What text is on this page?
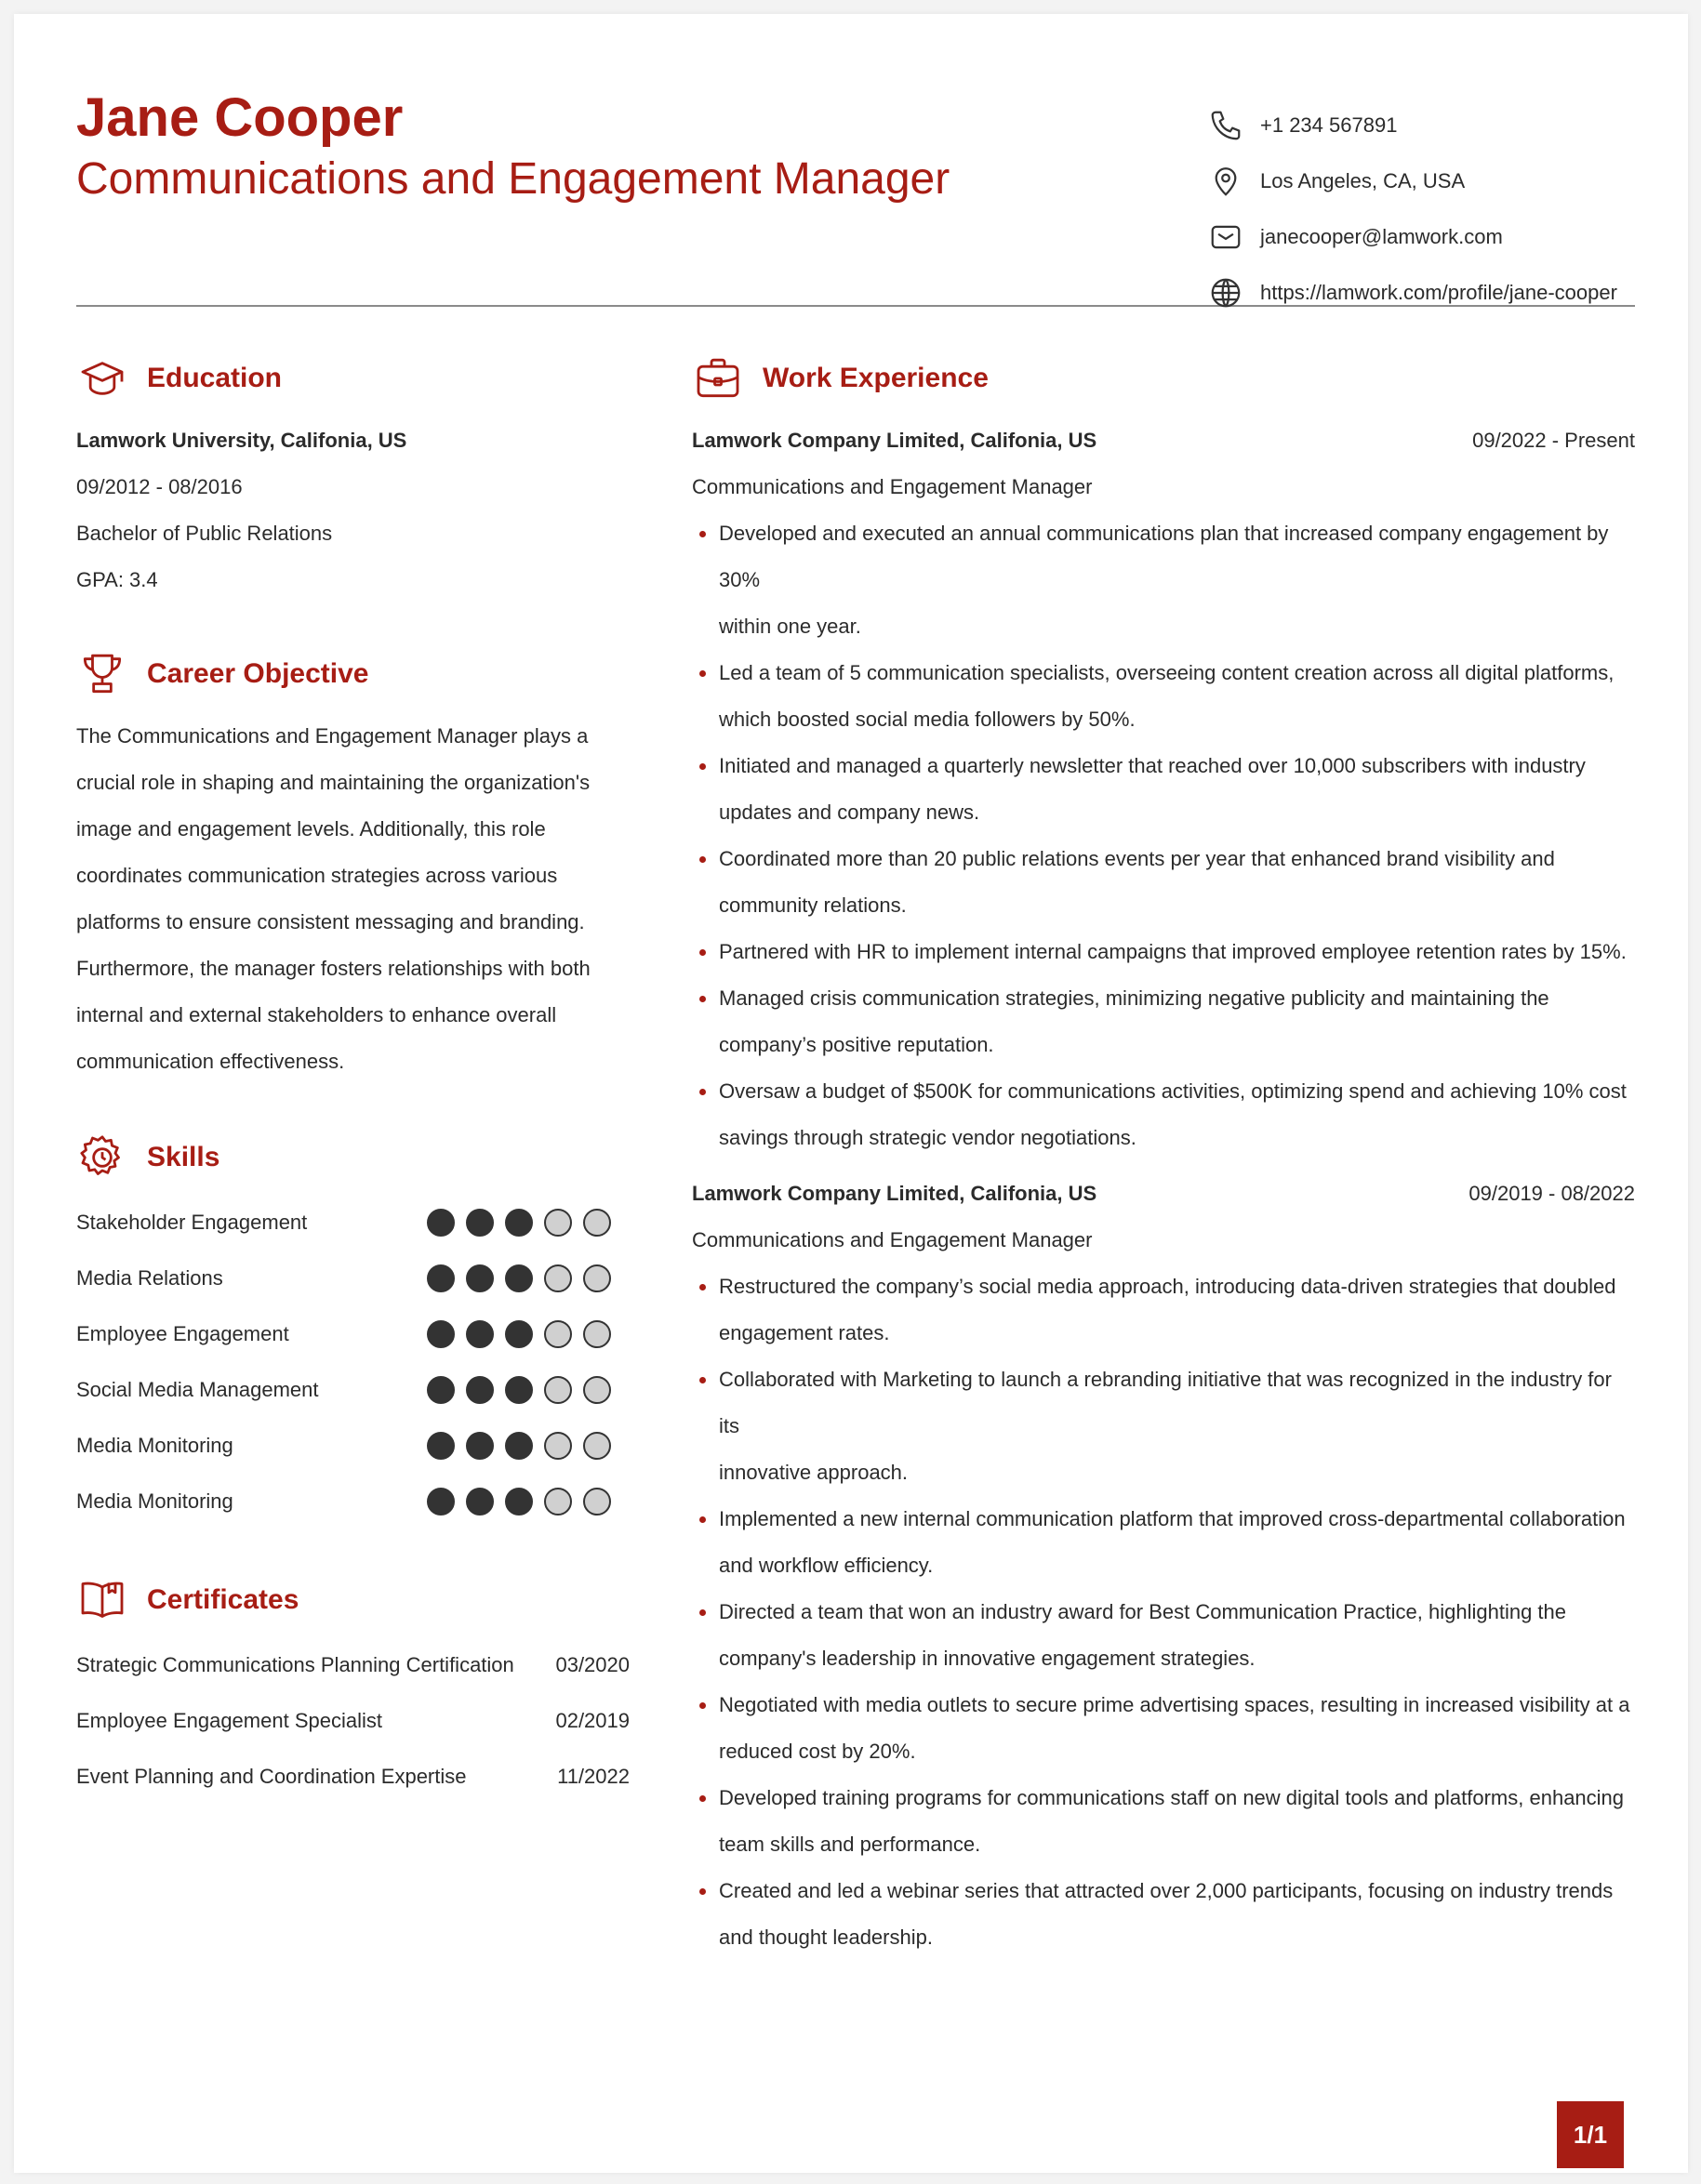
Jane Cooper
Communications and Engagement Manager
+1 234 567891
Los Angeles, CA, USA
janecooper@lamwork.com
https://lamwork.com/profile/jane-cooper
Education
Lamwork University, Califonia, US
09/2012 - 08/2016
Bachelor of Public Relations
GPA: 3.4
Career Objective
The Communications and Engagement Manager plays a
crucial role in shaping and maintaining the organization's
image and engagement levels. Additionally, this role
coordinates communication strategies across various
platforms to ensure consistent messaging and branding.
Furthermore, the manager fosters relationships with both
internal and external stakeholders to enhance overall
communication effectiveness.
Skills
Stakeholder Engagement
Media Relations
Employee Engagement
Social Media Management
Media Monitoring
Media Monitoring
Certificates
Strategic Communications Planning Certification 03/2020
Employee Engagement Specialist	02/2019
Event Planning and Coordination Expertise	11/2022
Work Experience
Lamwork Company Limited, Califonia, US	09/2022 - Present
Communications and Engagement Manager
Developed and executed an annual communications plan that increased company engagement by 30%
within one year.
Led a team of 5 communication specialists, overseeing content creation across all digital platforms,
which boosted social media followers by 50%.
Initiated and managed a quarterly newsletter that reached over 10,000 subscribers with industry
updates and company news.
Coordinated more than 20 public relations events per year that enhanced brand visibility and
community relations.
Partnered with HR to implement internal campaigns that improved employee retention rates by 15%.
Managed crisis communication strategies, minimizing negative publicity and maintaining the
company’s positive reputation.
Oversaw a budget of $500K for communications activities, optimizing spend and achieving 10% cost
savings through strategic vendor negotiations.
Lamwork Company Limited, Califonia, US	09/2019 - 08/2022
Communications and Engagement Manager
Restructured the company’s social media approach, introducing data-driven strategies that doubled
engagement rates.
Collaborated with Marketing to launch a rebranding initiative that was recognized in the industry for its
innovative approach.
Implemented a new internal communication platform that improved cross-departmental collaboration
and workflow efficiency.
Directed a team that won an industry award for Best Communication Practice, highlighting the
company's leadership in innovative engagement strategies.
Negotiated with media outlets to secure prime advertising spaces, resulting in increased visibility at a
reduced cost by 20%.
Developed training programs for communications staff on new digital tools and platforms, enhancing
team skills and performance.
Created and led a webinar series that attracted over 2,000 participants, focusing on industry trends
and thought leadership.
1/1
